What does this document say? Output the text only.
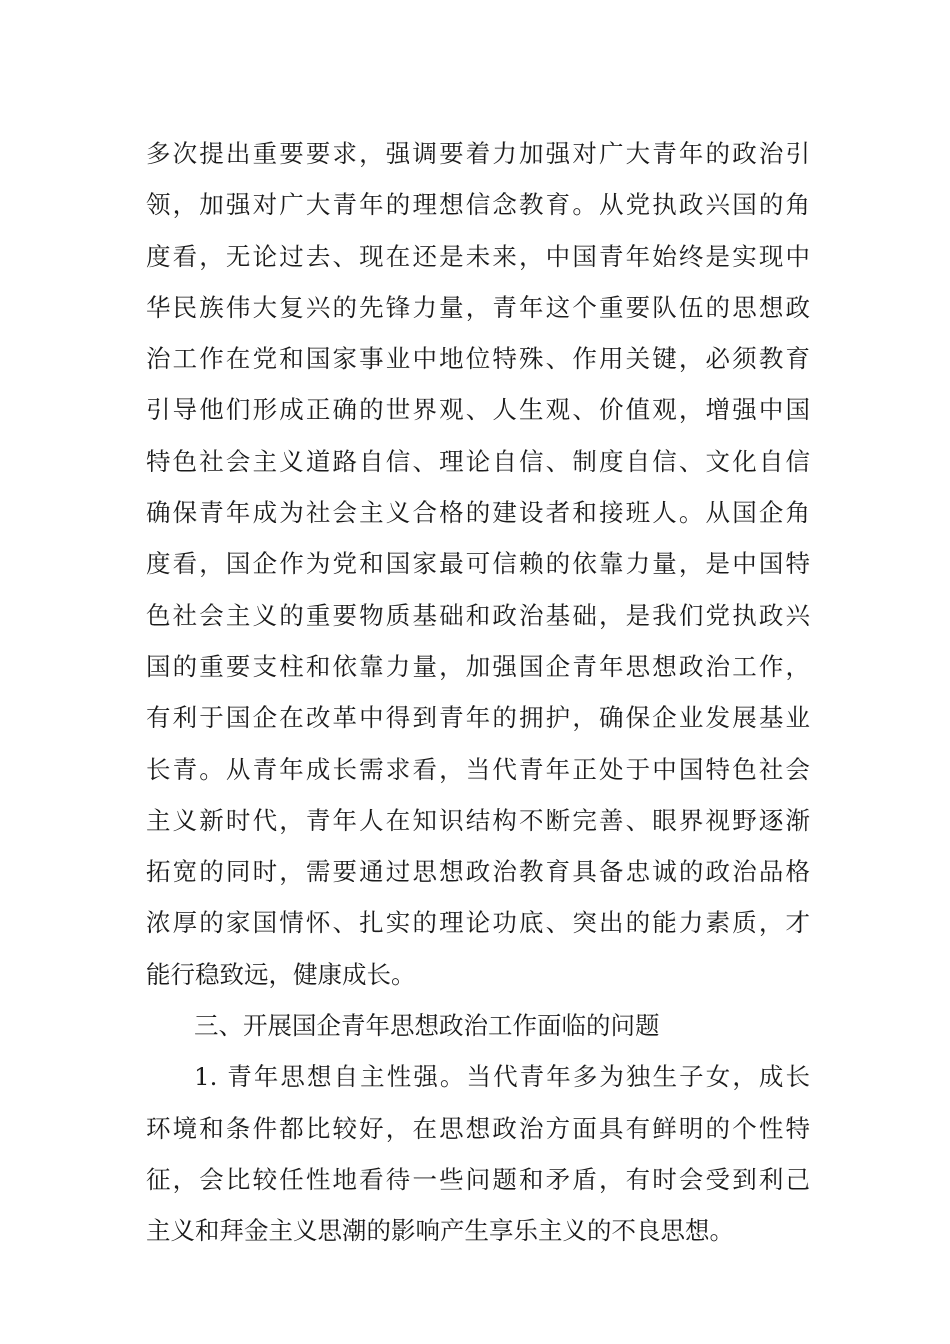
多次提出重要要求，强调要着力加强对广大青年的政治引
领，加强对广大青年的理想信念教育。从党执政兴国的角
度看，无论过去、现在还是未来，中国青年始终是实现中
华民族伟大复兴的先锋力量，青年这个重要队伍的思想政
治工作在党和国家事业中地位特殊、作用关键，必须教育
引导他们形成正确的世界观、人生观、价值观，增强中国
特色社会主义道路自信、理论自信、制度自信、文化自信
确保青年成为社会主义合格的建设者和接班人。从国企角
度看，国企作为党和国家最可信赖的依靠力量，是中国特
色社会主义的重要物质基础和政治基础，是我们党执政兴
国的重要支柱和依靠力量，加强国企青年思想政治工作，
有利于国企在改革中得到青年的拥护，确保企业发展基业
长青。从青年成长需求看，当代青年正处于中国特色社会
主义新时代，青年人在知识结构不断完善、眼界视野逐渐
拓宽的同时，需要通过思想政治教育具备忠诚的政治品格
浓厚的家国情怀、扎实的理论功底、突出的能力素质，才
能行稳致远，健康成长。
三、开展国企青年思想政治工作面临的问题
1. 青年思想自主性强。当代青年多为独生子女，成长
环境和条件都比较好，在思想政治方面具有鲜明的个性特
征，会比较任性地看待一些问题和矛盾，有时会受到利己
主义和拜金主义思潮的影响产生享乐主义的不良思想。
